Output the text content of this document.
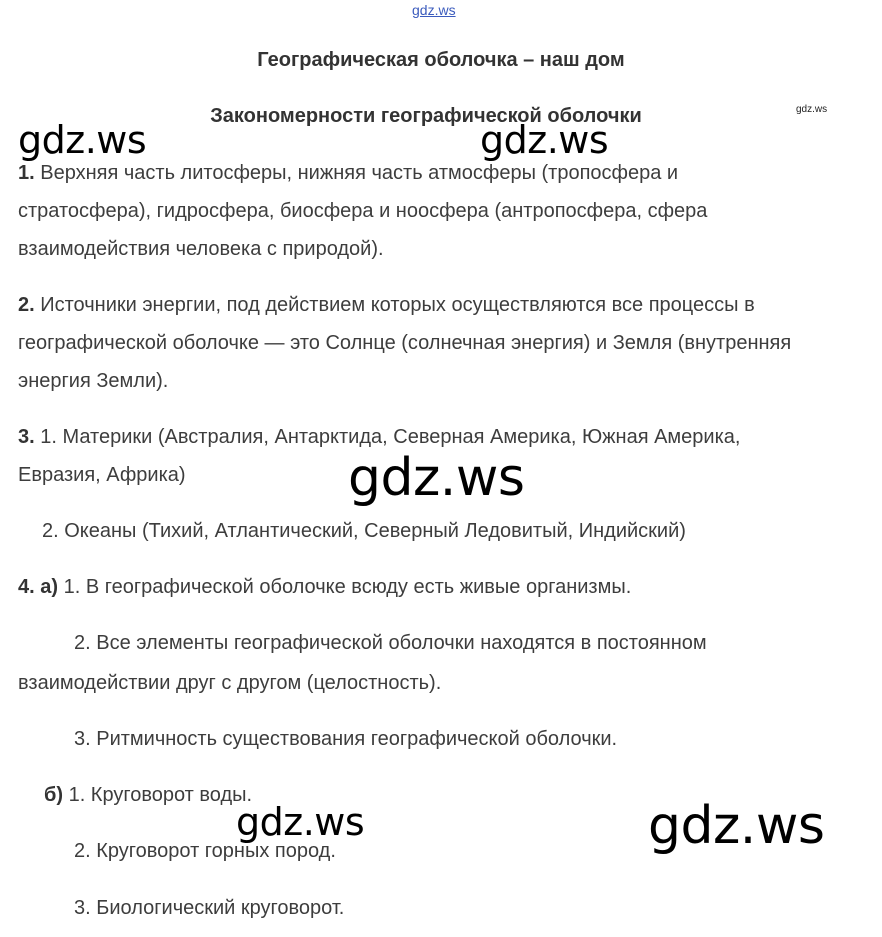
gdz.ws
Географическая оболочка – наш дом
gdz.ws
Закономерности географической оболочки
gdz.ws	gdz.ws
1. Верхняя часть литосферы, нижняя часть атмосферы (тропосфера и
стратосфера), гидросфера, биосфера и ноосфера (антропосфера, сфера
взаимодействия человека с природой).
2. Источники энергии, под действием которых осуществляются все процессы в
географической оболочке — это Солнце (солнечная энергия) и Земля (внутренняя
энергия Земли).
3. 1. Материки (Австралия, Антарктида, Северная Америка, Южная Америка,
Евразия, Африка)	gdz.ws
2. Океаны (Тихий, Атлантический, Северный Ледовитый, Индийский)
4. а) 1. В географической оболочке всюду есть живые организмы.
2. Все элементы географической оболочки находятся в постоянном
взаимодействии друг с другом (целостность).
3. Ритмичность существования географической оболочки.
б) 1. Круговорот воды.
gdz.ws	gdz.ws
2. Круговорот горных пород.
3. Биологический круговорот.
